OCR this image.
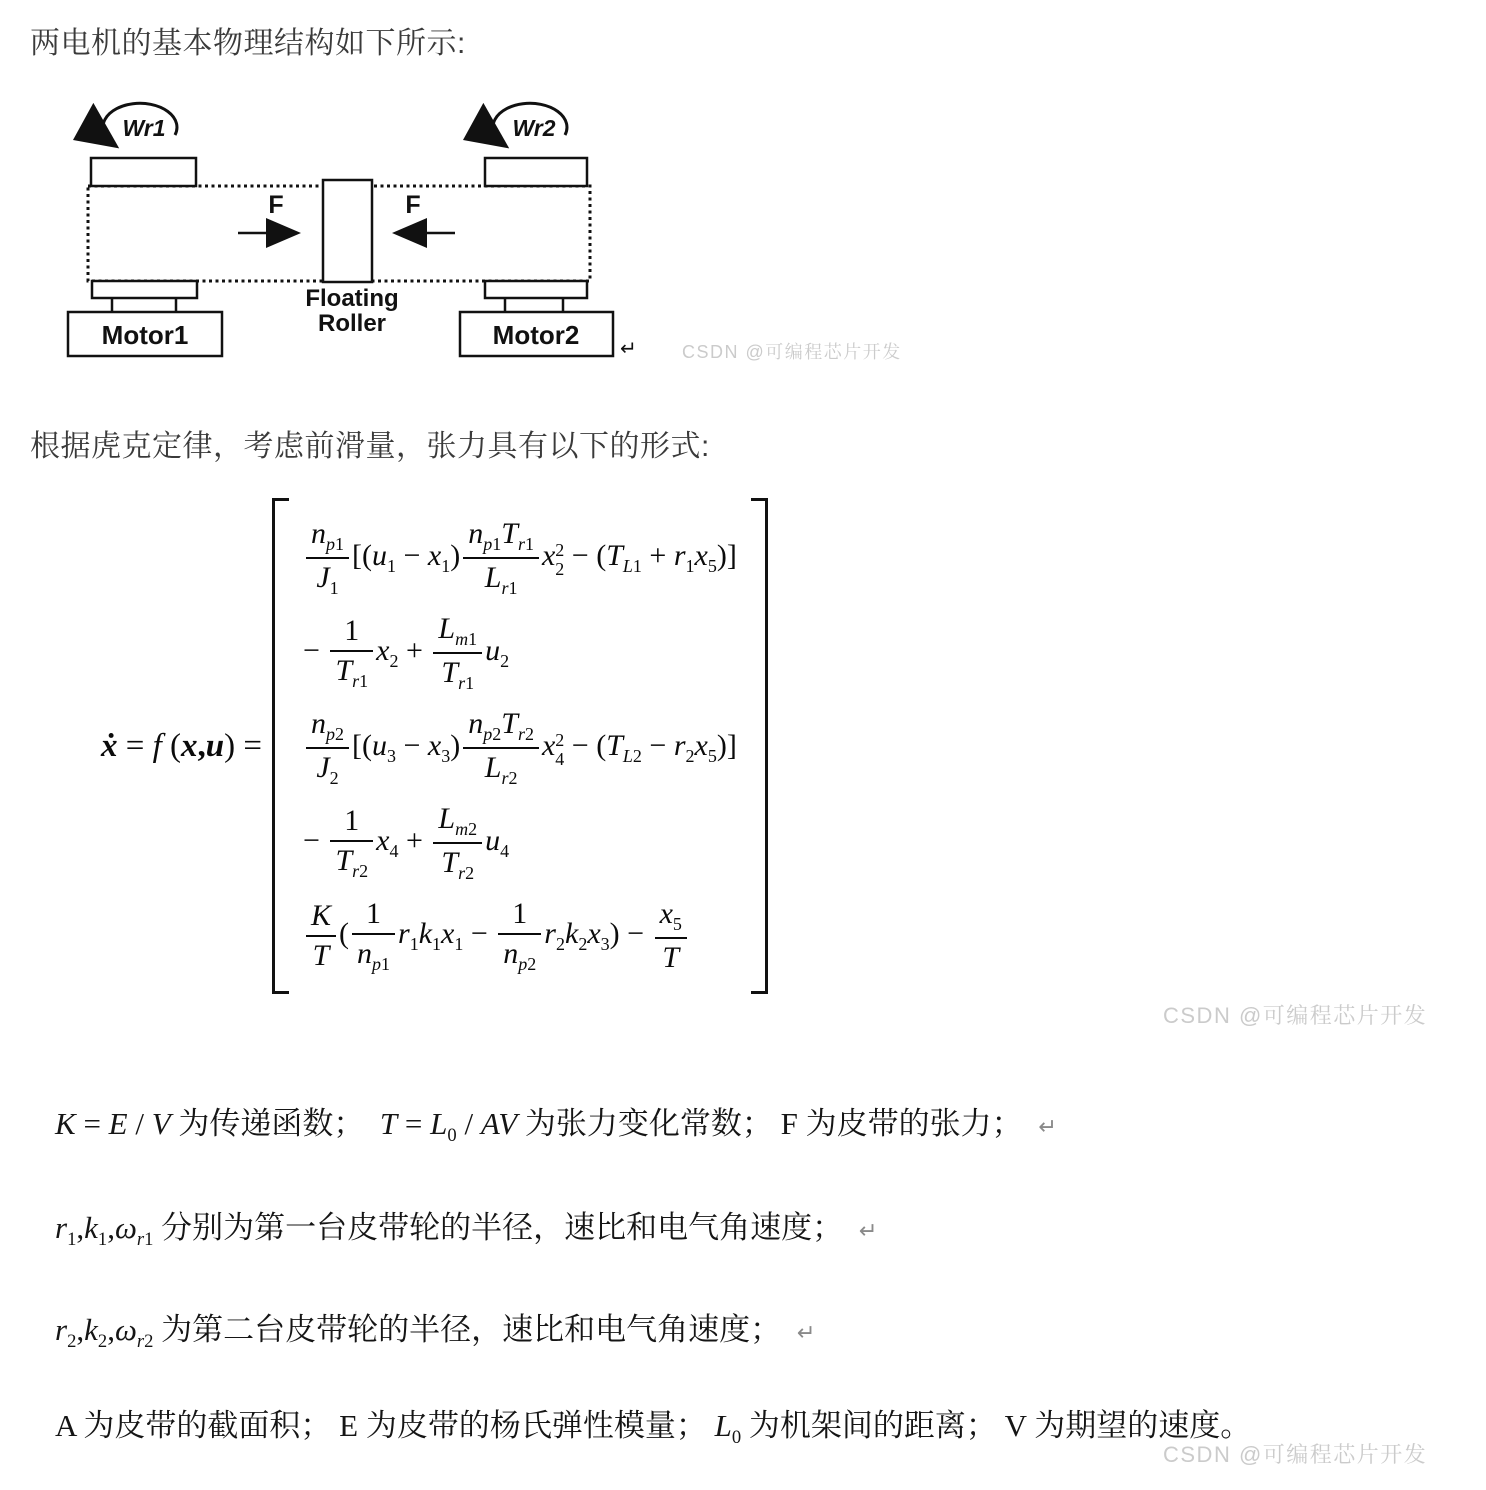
两电机的基本物理结构如下所示:
Wr1	Wr2
Motor1	Motor2
Floating
Roller
F	F
↵	CSDN @可编程芯片开发
根据虎克定律，考虑前滑量，张力具有以下的形式:
ẋ = f (x,u) =
$\frac{n_{p1}}{J_1} [(u_1 - x_1) \frac{n_{p1}T_{r1}}{L_{r1}}$ x 2
$2 - (T_{L1} + r_1x_5)$]
− $\frac{1}{T_{r1}} x_2 + \frac{L_{m1}}{T_{r1}} u_2$
$\frac{n_{p2}}{J_2} [(u_3 - x_3) \frac{n_{p2}T_{r2}}{L_{r2}}$ x 2
$4 - (T_{L2} - r_2x_5)$]
− $\frac{1}{T_{r2}} x_4 + \frac{L_{m2}}{T_{r2}} u_4$
$\frac{K}{T}$ ( $\frac{1}{n_{p1}} r_1k_1x_1 - \frac{1}{n_{p2}} r_2k_2x_3) - \frac{x_5}{T}$
CSDN @可编程芯片开发
K = E / V 为传递函数；  $T = L_0$ / AV 为张力变化常数； F 为皮带的张力； ↵
$r_1,k_1,\omega_{r1}$ 分别为第一台皮带轮的半径，速比和电气角速度； ↵
$r_2,k_2,\omega_{r2}$ 为第二台皮带轮的半径，速比和电气角速度； ↵
A 为皮带的截面积； E 为皮带的杨氏弹性模量； $L_0$ 为机架间的距离； V 为期望的速度。
CSDN @可编程芯片开发
